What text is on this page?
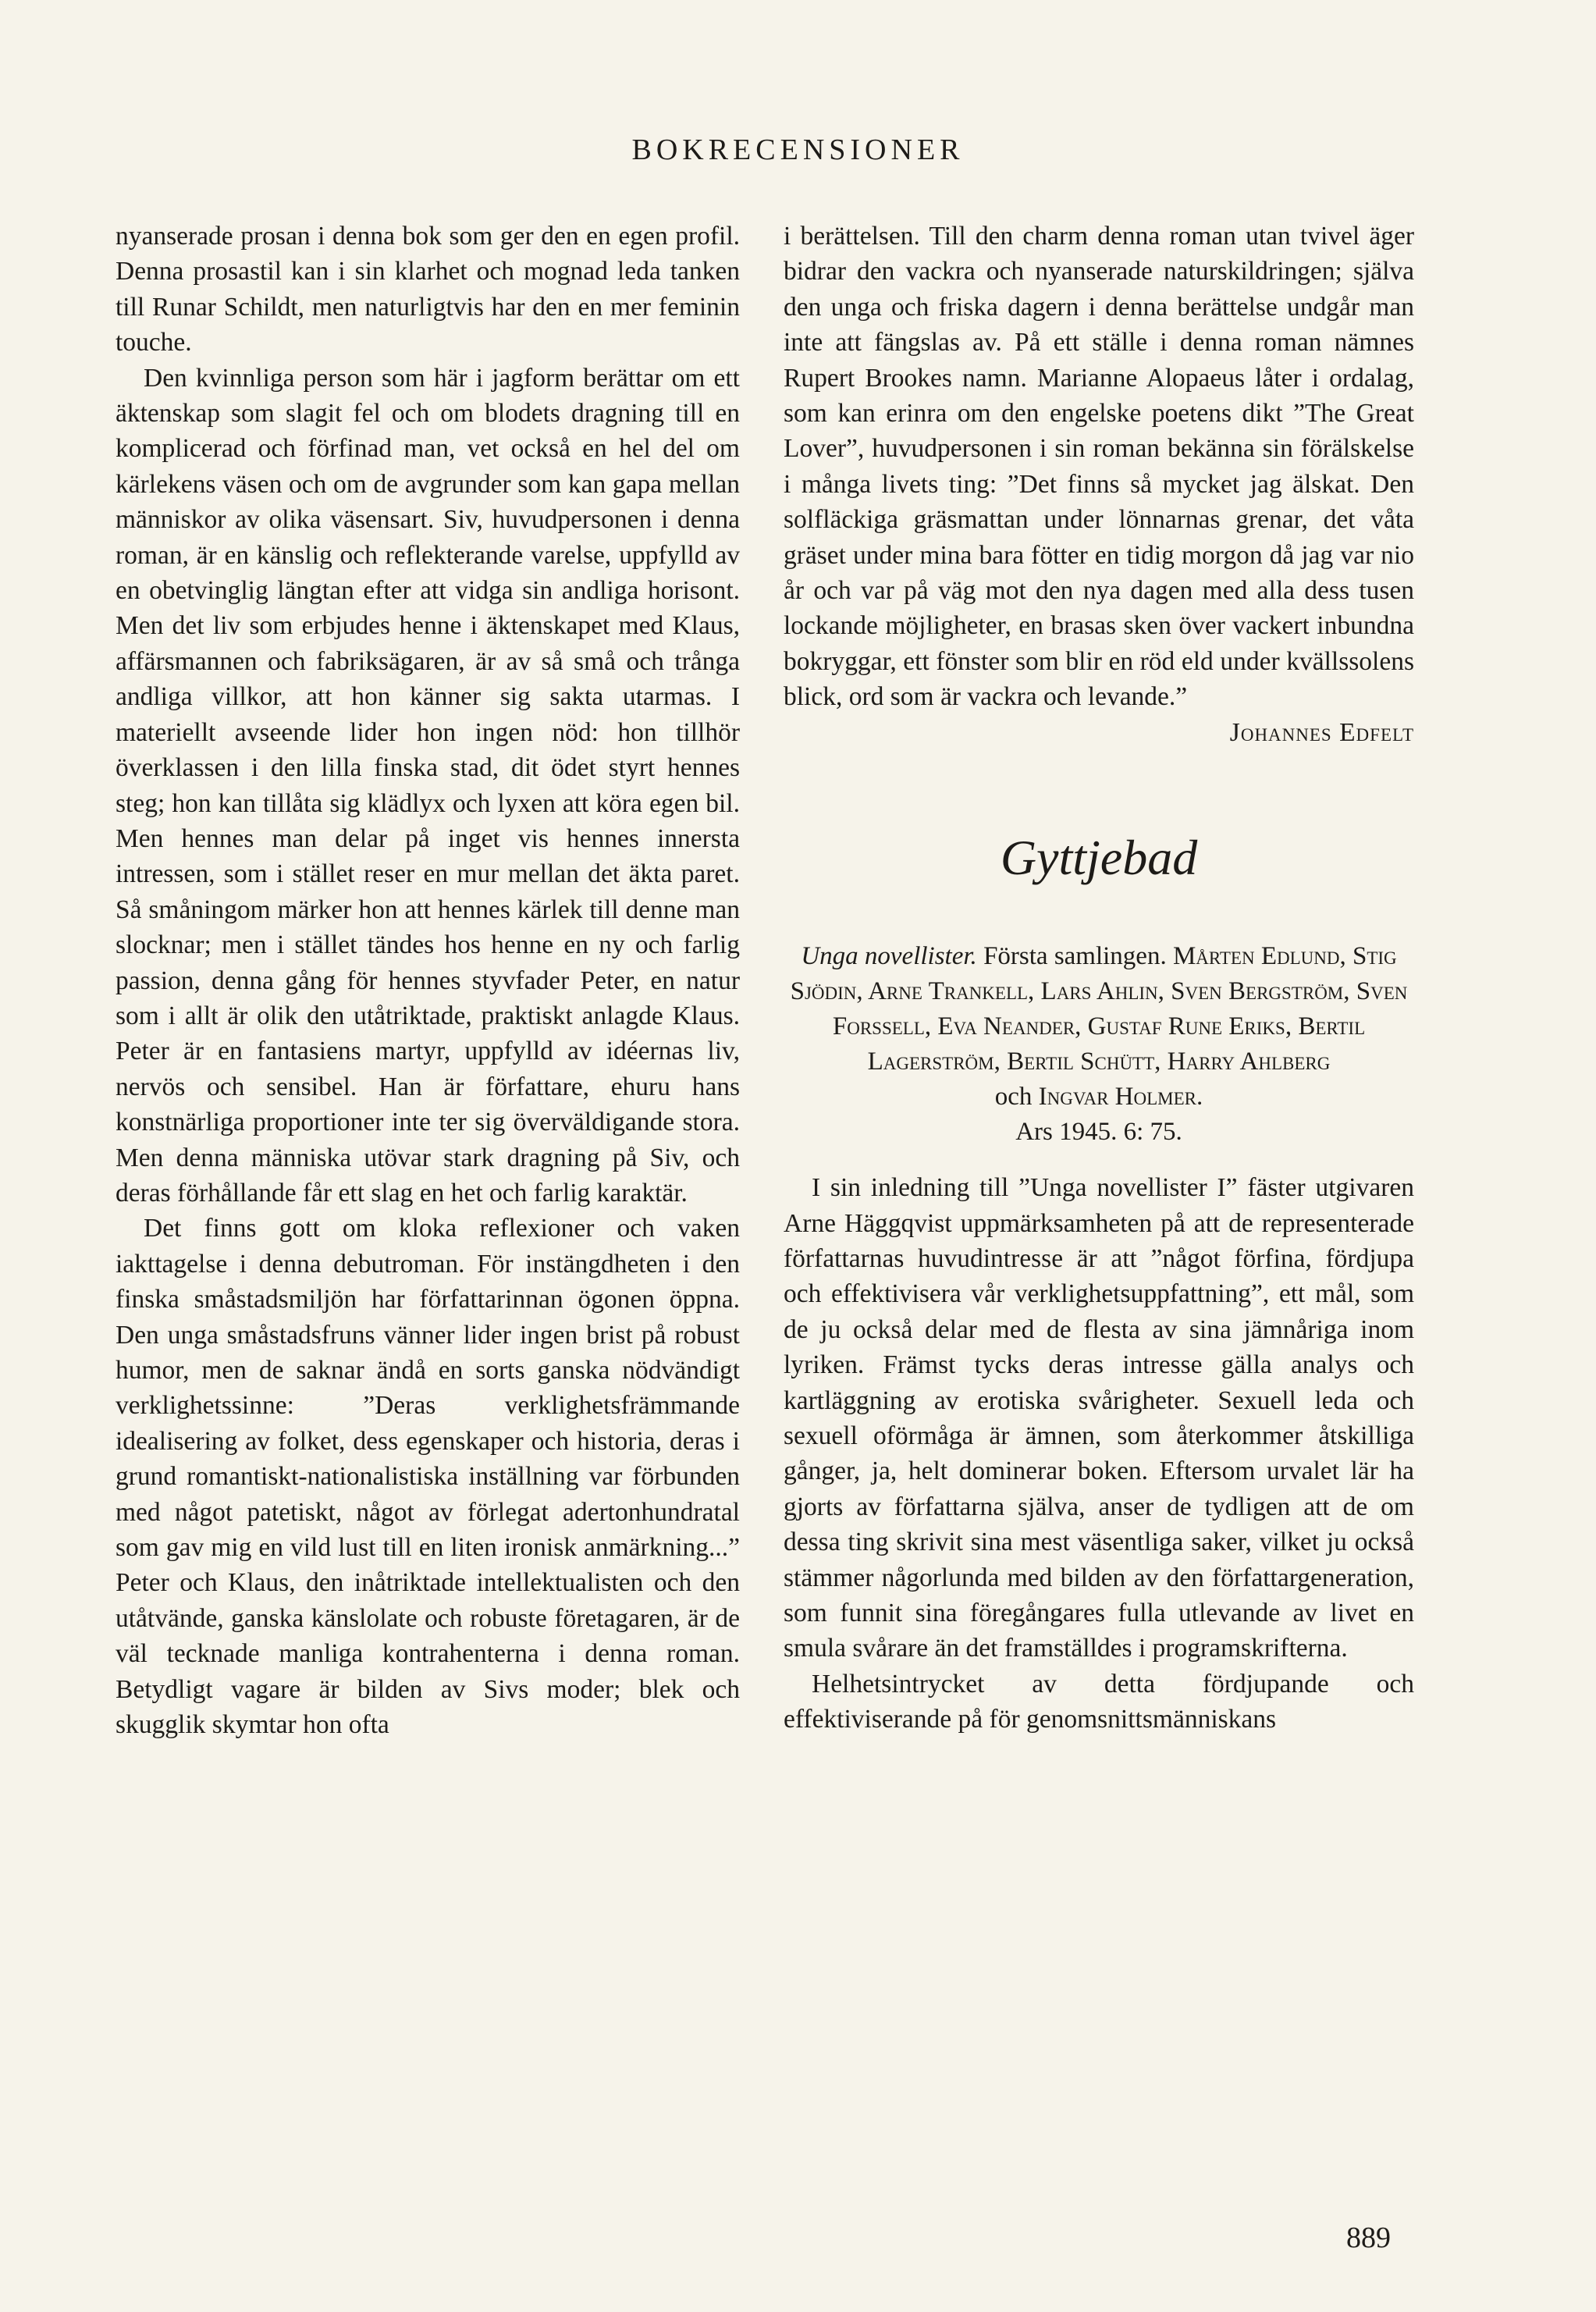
BOKRECENSIONER

nyanserade prosan i denna bok som ger den en egen profil. Denna prosastil kan i sin klarhet och mognad leda tanken till Runar Schildt, men naturligtvis har den en mer feminin touche.

Den kvinnliga person som här i jagform berättar om ett äktenskap som slagit fel och om blodets dragning till en komplicerad och förfinad man, vet också en hel del om kärlekens väsen och om de avgrunder som kan gapa mellan människor av olika väsensart. Siv, huvudpersonen i denna roman, är en känslig och reflekterande varelse, uppfylld av en obetvinglig längtan efter att vidga sin andliga horisont. Men det liv som erbjudes henne i äktenskapet med Klaus, affärsmannen och fabriksägaren, är av så små och trånga andliga villkor, att hon känner sig sakta utarmas. I materiellt avseende lider hon ingen nöd: hon tillhör överklassen i den lilla finska stad, dit ödet styrt hennes steg; hon kan tillåta sig klädlyx och lyxen att köra egen bil. Men hennes man delar på inget vis hennes innersta intressen, som i stället reser en mur mellan det äkta paret. Så småningom märker hon att hennes kärlek till denne man slocknar; men i stället tändes hos henne en ny och farlig passion, denna gång för hennes styvfader Peter, en natur som i allt är olik den utåtriktade, praktiskt anlagde Klaus. Peter är en fantasiens martyr, uppfylld av idéernas liv, nervös och sensibel. Han är författare, ehuru hans konstnärliga proportioner inte ter sig överväldigande stora. Men denna människa utövar stark dragning på Siv, och deras förhållande får ett slag en het och farlig karaktär.

Det finns gott om kloka reflexioner och vaken iakttagelse i denna debutroman. För instängdheten i den finska småstadsmiljön har författarinnan ögonen öppna. Den unga småstadsfruns vänner lider ingen brist på robust humor, men de saknar ändå en sorts ganska nödvändigt verklighetssinne: ”Deras verklighetsfrämmande idealisering av folket, dess egenskaper och historia, deras i grund romantiskt-nationalistiska inställning var förbunden med något patetiskt, något av förlegat adertonhundratal som gav mig en vild lust till en liten ironisk anmärkning...” Peter och Klaus, den inåtriktade intellektualisten och den utåtvände, ganska känslolate och robuste företagaren, är de väl tecknade manliga kontrahenterna i denna roman. Betydligt vagare är bilden av Sivs moder; blek och skugglik skymtar hon ofta

i berättelsen. Till den charm denna roman utan tvivel äger bidrar den vackra och nyanserade naturskildringen; själva den unga och friska dagern i denna berättelse undgår man inte att fängslas av. På ett ställe i denna roman nämnes Rupert Brookes namn. Marianne Alopaeus låter i ordalag, som kan erinra om den engelske poetens dikt ”The Great Lover”, huvudpersonen i sin roman bekänna sin förälskelse i många livets ting: ”Det finns så mycket jag älskat. Den solfläckiga gräsmattan under lönnarnas grenar, det våta gräset under mina bara fötter en tidig morgon då jag var nio år och var på väg mot den nya dagen med alla dess tusen lockande möjligheter, en brasas sken över vackert inbundna bokryggar, ett fönster som blir en röd eld under kvällssolens blick, ord som är vackra och levande.”

Johannes Edfelt

Gyttjebad
Unga novellister. Första samlingen. Mårten Edlund, Stig Sjödin, Arne Trankell, Lars Ahlin, Sven Bergström, Sven Forssell, Eva Neander, Gustaf Rune Eriks, Bertil Lagerström, Bertil Schütt, Harry Ahlberg
och Ingvar Holmer.
Ars 1945. 6: 75.

I sin inledning till ”Unga novellister I” fäster utgivaren Arne Häggqvist uppmärksamheten på att de representerade författarnas huvudintresse är att ”något förfina, fördjupa och effektivisera vår verklighetsuppfattning”, ett mål, som de ju också delar med de flesta av sina jämnåriga inom lyriken. Främst tycks deras intresse gälla analys och kartläggning av erotiska svårigheter. Sexuell leda och sexuell oförmåga är ämnen, som återkommer åtskilliga gånger, ja, helt dominerar boken. Eftersom urvalet lär ha gjorts av författarna själva, anser de tydligen att de om dessa ting skrivit sina mest väsentliga saker, vilket ju också stämmer någorlunda med bilden av den författargeneration, som funnit sina föregångares fulla utlevande av livet en smula svårare än det framställdes i programskrifterna.

Helhetsintrycket av detta fördjupande och effektiviserande på för genomsnittsmänniskans

889
